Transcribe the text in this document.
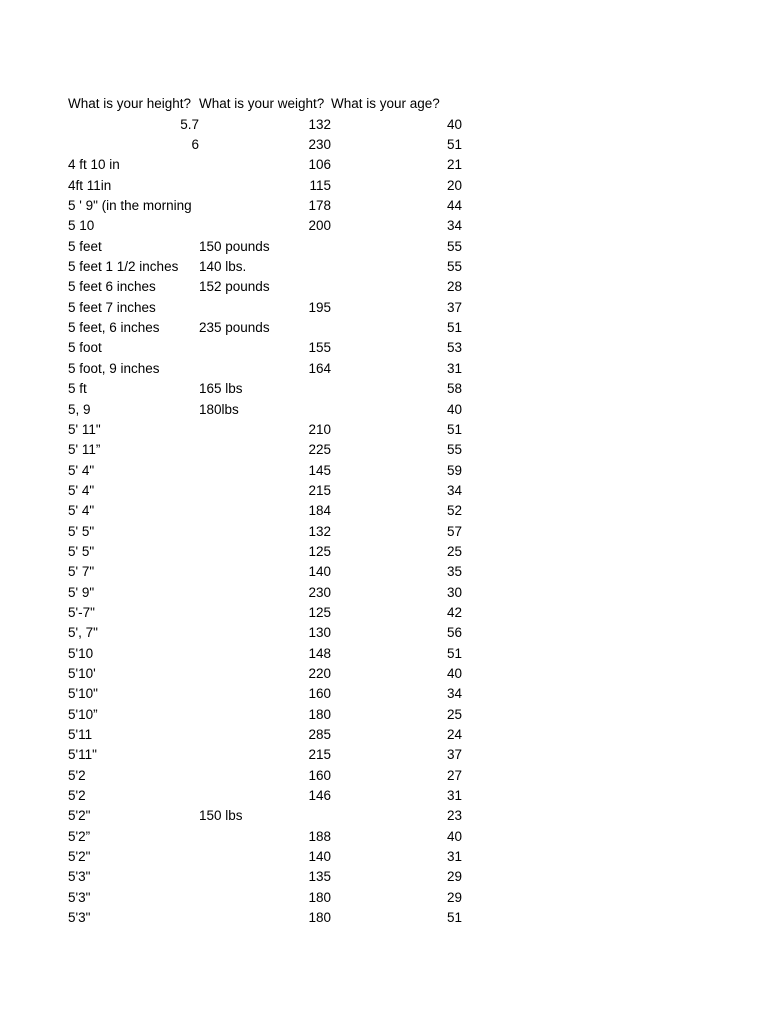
What is your height?	What is your weight?	What is your age?
5.7	132	40
6	230	51
4 ft 10 in	106	21
4ft 11in	115	20
5 ' 9" (in the morning	178	44
5 10	200	34
5 feet	150 pounds	55
5 feet 1 1/2 inches	140 lbs.	55
5 feet 6 inches	152 pounds	28
5 feet 7 inches	195	37
5 feet, 6 inches	235 pounds	51
5 foot	155	53
5 foot, 9 inches	164	31
5 ft	165 lbs	58
5, 9	180lbs	40
5' 11"	210	51
5' 11”	225	55
5' 4"	145	59
5' 4"	215	34
5' 4"	184	52
5' 5"	132	57
5' 5"	125	25
5' 7"	140	35
5' 9"	230	30
5'-7"	125	42
5', 7"	130	56
5'10	148	51
5'10'	220	40
5'10"	160	34
5'10”	180	25
5'11	285	24
5'11"	215	37
5'2	160	27
5'2	146	31
5'2"	150 lbs	23
5'2”	188	40
5'2"	140	31
5'3"	135	29
5'3"	180	29
5'3"	180	51
